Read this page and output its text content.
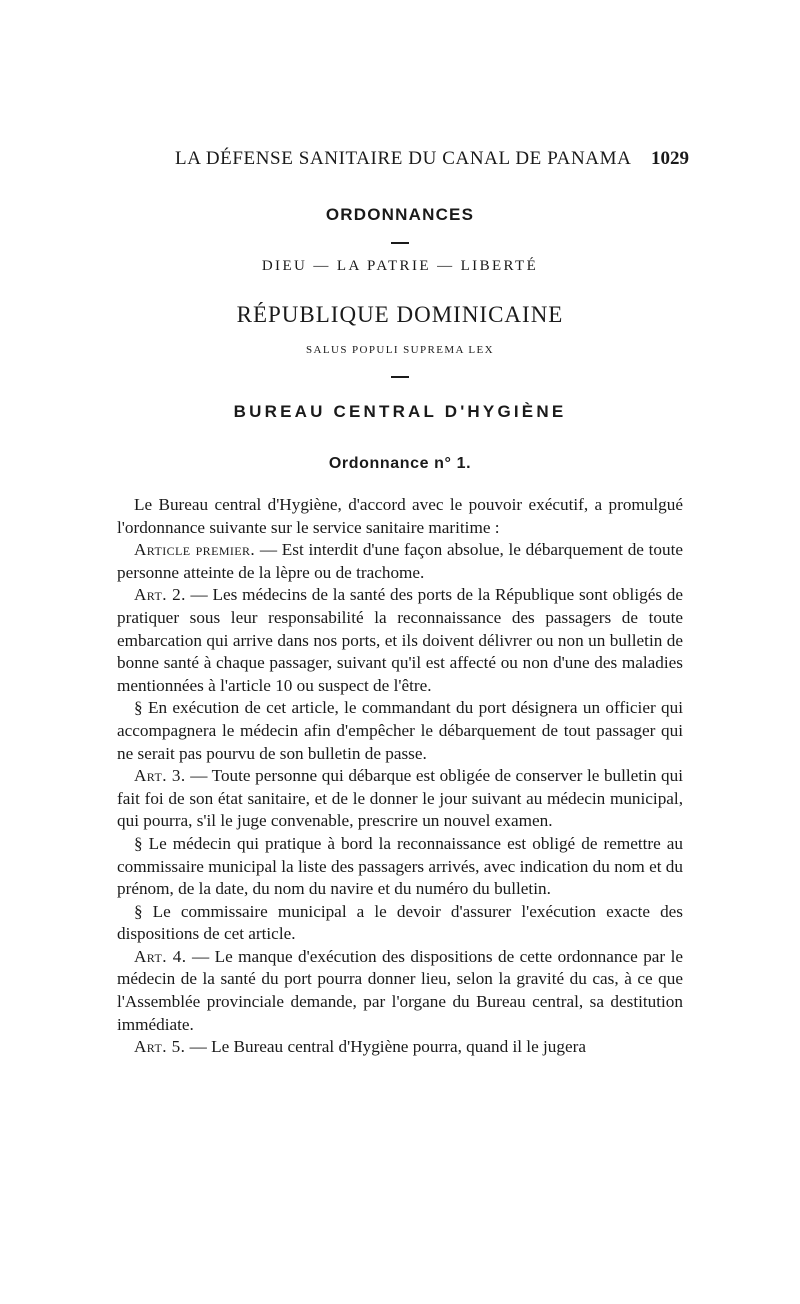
LA DÉFENSE SANITAIRE DU CANAL DE PANAMA 1029
ORDONNANCES
DIEU — LA PATRIE — LIBERTÉ
RÉPUBLIQUE DOMINICAINE
SALUS POPULI SUPREMA LEX
BUREAU CENTRAL D'HYGIÈNE
Ordonnance n° 1.

Le Bureau central d'Hygiène, d'accord avec le pouvoir exécutif, a promulgué l'ordonnance suivante sur le service sanitaire maritime :

Article premier. — Est interdit d'une façon absolue, le débarquement de toute personne atteinte de la lèpre ou de trachome.

Art. 2. — Les médecins de la santé des ports de la République sont obligés de pratiquer sous leur responsabilité la reconnaissance des passagers de toute embarcation qui arrive dans nos ports, et ils doivent délivrer ou non un bulletin de bonne santé à chaque passager, suivant qu'il est affecté ou non d'une des maladies mentionnées à l'article 10 ou suspect de l'être.

§ En exécution de cet article, le commandant du port désignera un officier qui accompagnera le médecin afin d'empêcher le débarquement de tout passager qui ne serait pas pourvu de son bulletin de passe.

Art. 3. — Toute personne qui débarque est obligée de conserver le bulletin qui fait foi de son état sanitaire, et de le donner le jour suivant au médecin municipal, qui pourra, s'il le juge convenable, prescrire un nouvel examen.

§ Le médecin qui pratique à bord la reconnaissance est obligé de remettre au commissaire municipal la liste des passagers arrivés, avec indication du nom et du prénom, de la date, du nom du navire et du numéro du bulletin.

§ Le commissaire municipal a le devoir d'assurer l'exécution exacte des dispositions de cet article.

Art. 4. — Le manque d'exécution des dispositions de cette ordonnance par le médecin de la santé du port pourra donner lieu, selon la gravité du cas, à ce que l'Assemblée provinciale demande, par l'organe du Bureau central, sa destitution immédiate.

Art. 5. — Le Bureau central d'Hygiène pourra, quand il le jugera
